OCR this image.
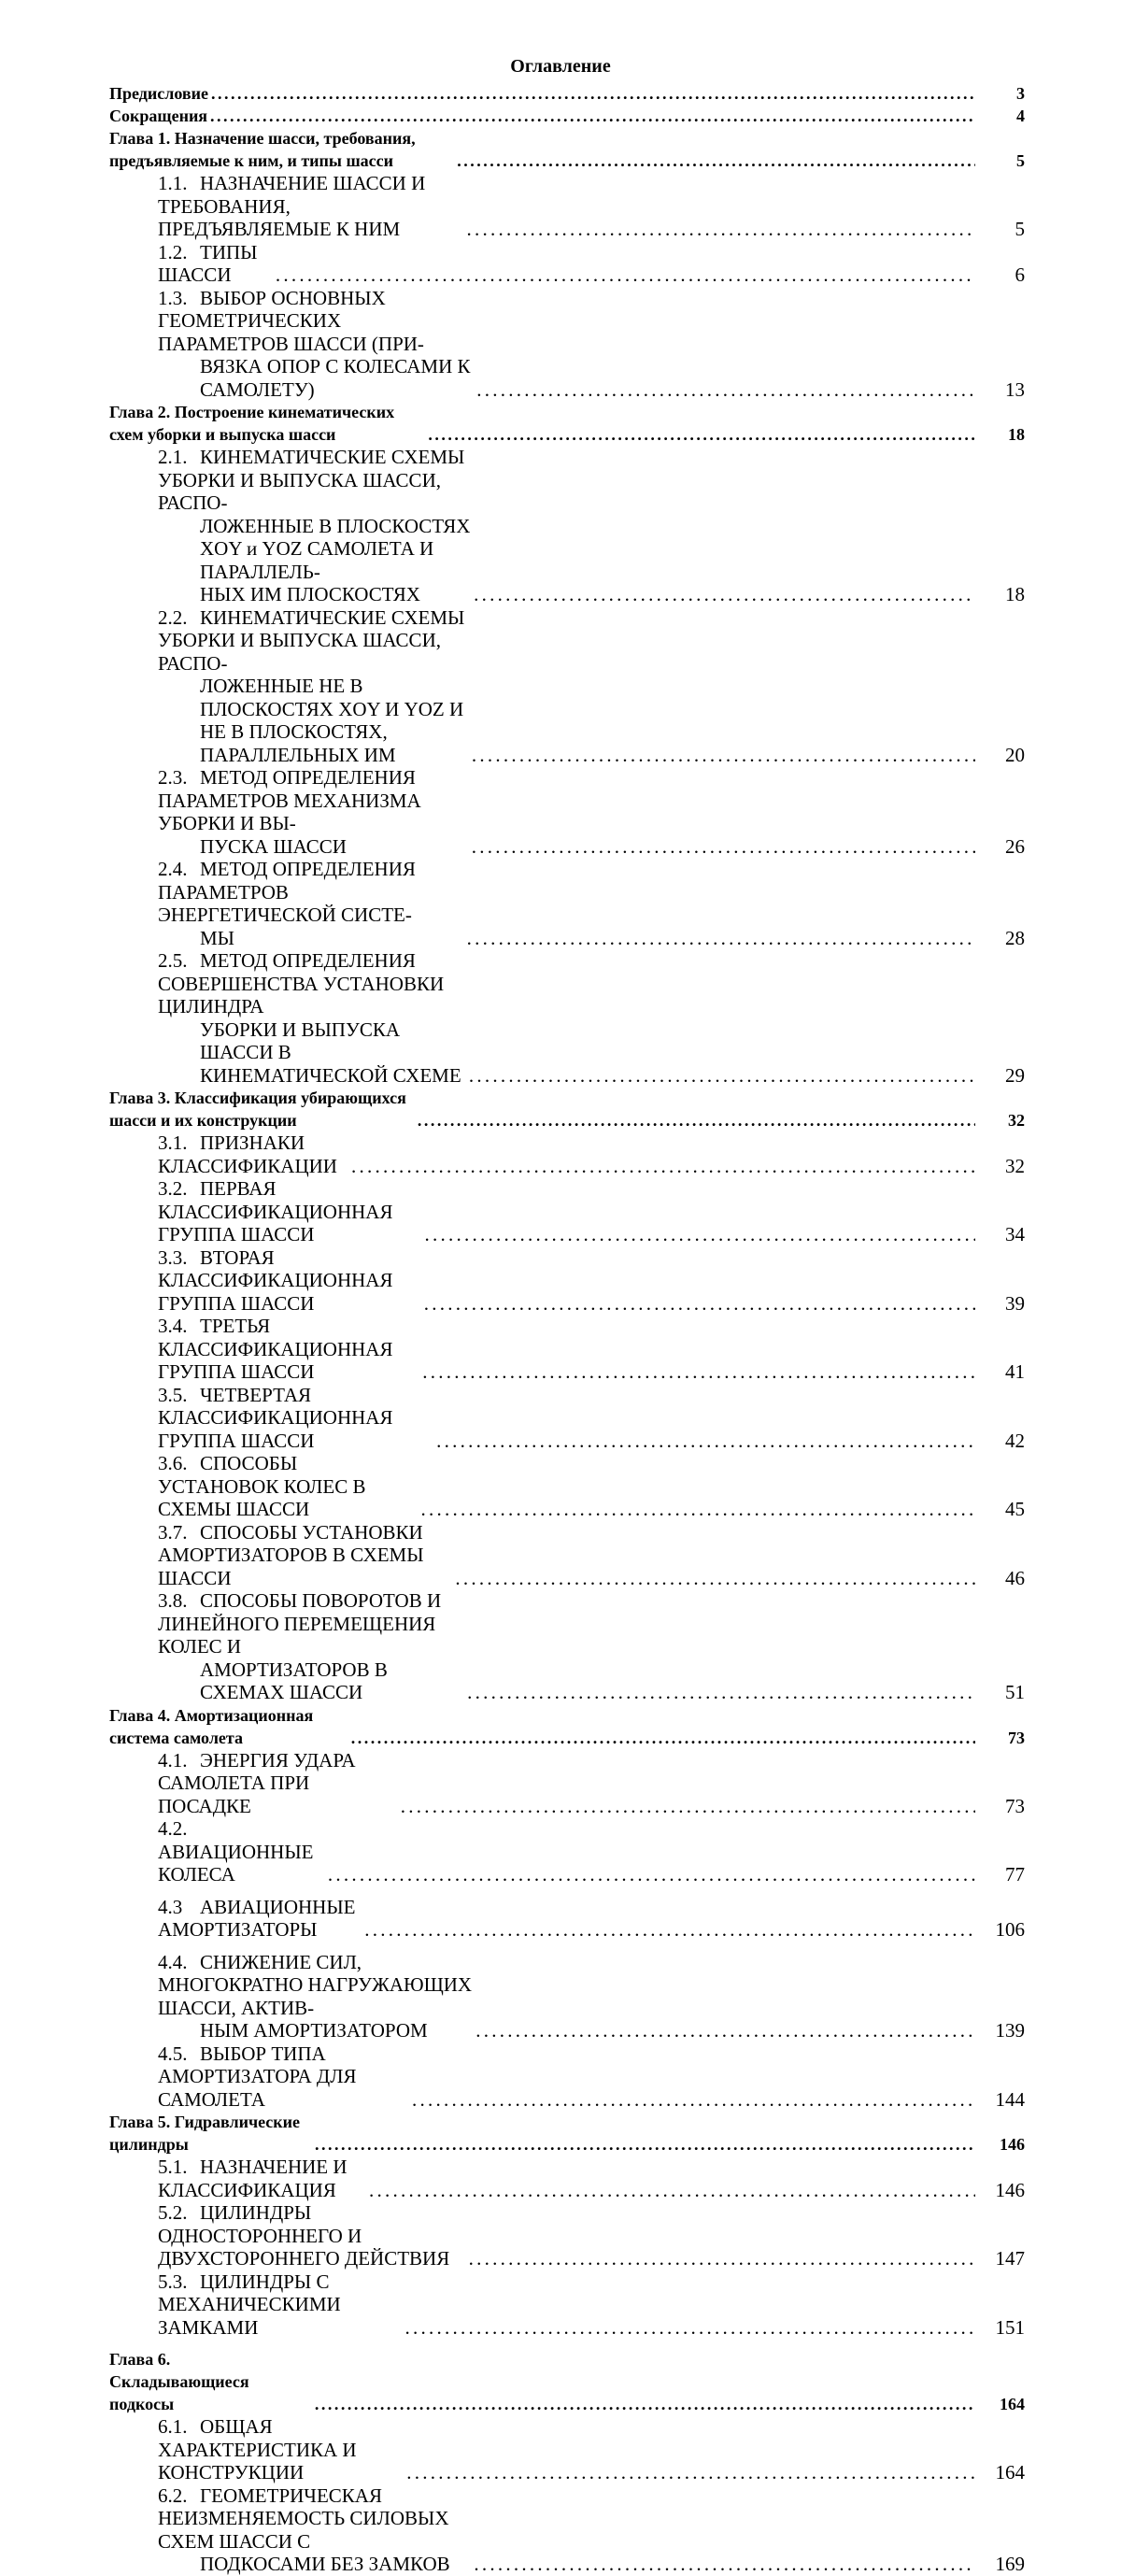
Оглавление
Предисловие . . .	3
Сокращения . . .	4
Глава 1. Назначение шасси, требования, предъявляемые к ним, и типы шасси . . .	5
1.1. НАЗНАЧЕНИЕ ШАССИ И ТРЕБОВАНИЯ, ПРЕДЪЯВЛЯЕМЫЕ К НИМ . . .	5
1.2. ТИПЫ ШАССИ . . .	6
1.3. ВЫБОР ОСНОВНЫХ ГЕОМЕТРИЧЕСКИХ ПАРАМЕТРОВ ШАССИ (ПРИ-
ВЯЗКА ОПОР С КОЛЕСАМИ К САМОЛЕТУ) . . .	13
Глава 2. Построение кинематических схем уборки и выпуска шасси . . .	18
2.1. КИНЕМАТИЧЕСКИЕ СХЕМЫ УБОРКИ И ВЫПУСКА ШАССИ, РАСПО-
ЛОЖЕННЫЕ В ПЛОСКОСТЯХ XOY и YOZ САМОЛЕТА И ПАРАЛЛЕЛЬ-
НЫХ ИМ ПЛОСКОСТЯХ . . .	18
2.2. КИНЕМАТИЧЕСКИЕ СХЕМЫ УБОРКИ И ВЫПУСКА ШАССИ, РАСПО-
ЛОЖЕННЫЕ НЕ В ПЛОСКОСТЯХ XOY И YOZ И НЕ В ПЛОСКОСТЯХ,
ПАРАЛЛЕЛЬНЫХ ИМ . . .	20
2.3. МЕТОД ОПРЕДЕЛЕНИЯ ПАРАМЕТРОВ МЕХАНИЗМА УБОРКИ И ВЫ-
ПУСКА ШАССИ . . .	26
2.4. МЕТОД ОПРЕДЕЛЕНИЯ ПАРАМЕТРОВ ЭНЕРГЕТИЧЕСКОЙ СИСТЕ-
МЫ . . .	28
2.5. МЕТОД ОПРЕДЕЛЕНИЯ СОВЕРШЕНСТВА УСТАНОВКИ ЦИЛИНДРА
УБОРКИ И ВЫПУСКА ШАССИ В КИНЕМАТИЧЕСКОЙ СХЕМЕ . . .	29
Глава 3. Классификация убирающихся шасси и их конструкции . . .	32
3.1. ПРИЗНАКИ КЛАССИФИКАЦИИ . . .	32
3.2. ПЕРВАЯ КЛАССИФИКАЦИОННАЯ ГРУППА ШАССИ . . .	34
3.3. ВТОРАЯ КЛАССИФИКАЦИОННАЯ ГРУППА ШАССИ . . .	39
3.4. ТРЕТЬЯ КЛАССИФИКАЦИОННАЯ ГРУППА ШАССИ . . .	41
3.5. ЧЕТВЕРТАЯ КЛАССИФИКАЦИОННАЯ ГРУППА ШАССИ . . .	42
3.6. СПОСОБЫ УСТАНОВОК КОЛЕС В СХЕМЫ ШАССИ . . .	45
3.7. СПОСОБЫ УСТАНОВКИ АМОРТИЗАТОРОВ В СХЕМЫ ШАССИ . . .	46
3.8. СПОСОБЫ ПОВОРОТОВ И ЛИНЕЙНОГО ПЕРЕМЕЩЕНИЯ КОЛЕС И
АМОРТИЗАТОРОВ В СХЕМАХ ШАССИ . . .	51
Глава 4. Амортизационная система самолета . . .	73
4.1. ЭНЕРГИЯ УДАРА САМОЛЕТА ПРИ ПОСАДКЕ . . .	73
4.2.АВИАЦИОННЫЕ КОЛЕСА . . .	77
4.3 АВИАЦИОННЫЕ АМОРТИЗАТОРЫ . . .	106
4.4. СНИЖЕНИЕ СИЛ, МНОГОКРАТНО НАГРУЖАЮЩИХ ШАССИ, АКТИВ-
НЫМ АМОРТИЗАТОРОМ . . .	139
4.5. ВЫБОР ТИПА АМОРТИЗАТОРА ДЛЯ САМОЛЕТА . . .	144
Глава 5. Гидравлические цилиндры . . .	146
5.1. НАЗНАЧЕНИЕ И КЛАССИФИКАЦИЯ . . .	146
5.2. ЦИЛИНДРЫ ОДНОСТОРОННЕГО И ДВУХСТОРОННЕГО ДЕЙСТВИЯ . . .	147
5.3. ЦИЛИНДРЫ С МЕХАНИЧЕСКИМИ ЗАМКАМИ . . .	151
Глава 6. Складывающиеся подкосы . . .	164
6.1. ОБЩАЯ ХАРАКТЕРИСТИКА И КОНСТРУКЦИИ . . .	164
6.2. ГЕОМЕТРИЧЕСКАЯ НЕИЗМЕНЯЕМОСТЬ СИЛОВЫХ СХЕМ ШАССИ С
ПОДКОСАМИ БЕЗ ЗАМКОВ . . .	169
